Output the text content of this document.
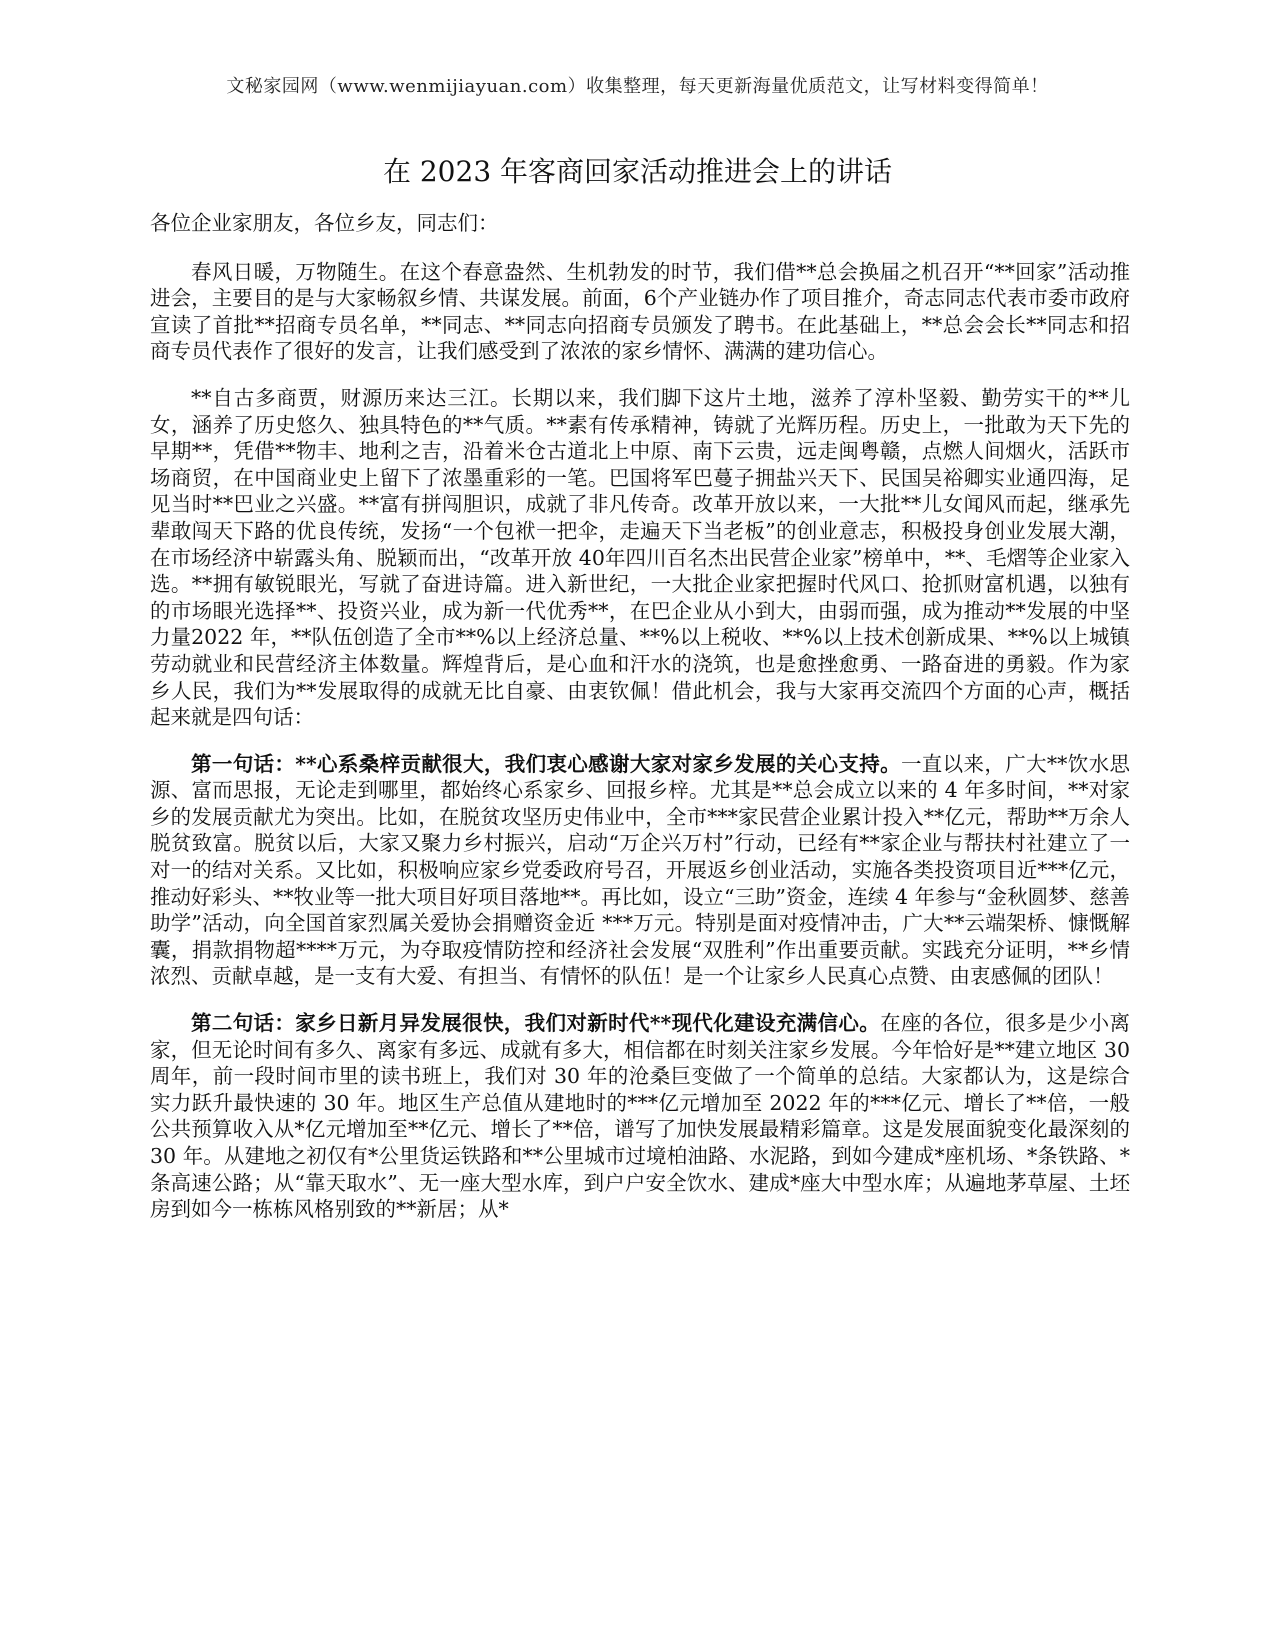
文秘家园网（www.wenmijiayuan.com）收集整理，每天更新海量优质范文，让写材料变得简单！
在 2023 年客商回家活动推进会上的讲话

各位企业家朋友，各位乡友，同志们：

春风日暖，万物随生。在这个春意盎然、生机勃发的时节，我们借**总会换届之机召开“**回家”活动推进会，主要目的是与大家畅叙乡情、共谋发展。前面，6个产业链办作了项目推介，奇志同志代表市委市政府宣读了首批**招商专员名单，**同志、**同志向招商专员颁发了聘书。在此基础上，**总会会长**同志和招商专员代表作了很好的发言，让我们感受到了浓浓的家乡情怀、满满的建功信心。

**自古多商贾，财源历来达三江。长期以来，我们脚下这片土地，滋养了淳朴坚毅、勤劳实干的**儿女，涵养了历史悠久、独具特色的**气质。**素有传承精神，铸就了光辉历程。历史上，一批敢为天下先的早期**，凭借**物丰、地利之吉，沿着米仓古道北上中原、南下云贵，远走闽粤赣，点燃人间烟火，活跃市场商贸，在中国商业史上留下了浓墨重彩的一笔。巴国将军巴蔓子拥盐兴天下、民国吴裕卿实业通四海，足见当时**巴业之兴盛。**富有拼闯胆识，成就了非凡传奇。改革开放以来，一大批**儿女闻风而起，继承先辈敢闯天下路的优良传统，发扬“一个包袱一把伞，走遍天下当老板”的创业意志，积极投身创业发展大潮，在市场经济中崭露头角、脱颖而出，“改革开放 40年四川百名杰出民营企业家”榜单中，**、毛熠等企业家入选。**拥有敏锐眼光，写就了奋进诗篇。进入新世纪，一大批企业家把握时代风口、抢抓财富机遇，以独有的市场眼光选择**、投资兴业，成为新一代优秀**，在巴企业从小到大，由弱而强，成为推动**发展的中坚力量2022 年，**队伍创造了全市**%以上经济总量、**%以上税收、**%以上技术创新成果、**%以上城镇劳动就业和民营经济主体数量。辉煌背后，是心血和汗水的浇筑，也是愈挫愈勇、一路奋进的勇毅。作为家乡人民，我们为**发展取得的成就无比自豪、由衷钦佩！借此机会，我与大家再交流四个方面的心声，概括起来就是四句话：

第一句话：**心系桑梓贡献很大，我们衷心感谢大家对家乡发展的关心支持。一直以来，广大**饮水思源、富而思报，无论走到哪里，都始终心系家乡、回报乡梓。尤其是**总会成立以来的 4 年多时间，**对家乡的发展贡献尤为突出。比如，在脱贫攻坚历史伟业中，全市***家民营企业累计投入**亿元，帮助**万余人脱贫致富。脱贫以后，大家又聚力乡村振兴，启动“万企兴万村”行动，已经有**家企业与帮扶村社建立了一对一的结对关系。又比如，积极响应家乡党委政府号召，开展返乡创业活动，实施各类投资项目近***亿元，推动好彩头、**牧业等一批大项目好项目落地**。再比如，设立“三助”资金，连续 4 年参与“金秋圆梦、慈善助学”活动，向全国首家烈属关爱协会捐赠资金近 ***万元。特别是面对疫情冲击，广大**云端架桥、慷慨解囊，捐款捐物超****万元，为夺取疫情防控和经济社会发展“双胜利”作出重要贡献。实践充分证明，**乡情浓烈、贡献卓越，是一支有大爱、有担当、有情怀的队伍！是一个让家乡人民真心点赞、由衷感佩的团队！

第二句话：家乡日新月异发展很快，我们对新时代**现代化建设充满信心。在座的各位，很多是少小离家，但无论时间有多久、离家有多远、成就有多大，相信都在时刻关注家乡发展。今年恰好是**建立地区 30 周年，前一段时间市里的读书班上，我们对 30 年的沧桑巨变做了一个简单的总结。大家都认为，这是综合实力跃升最快速的 30 年。地区生产总值从建地时的***亿元增加至 2022 年的***亿元、增长了**倍，一般公共预算收入从*亿元增加至**亿元、增长了**倍，谱写了加快发展最精彩篇章。这是发展面貌变化最深刻的 30 年。从建地之初仅有*公里货运铁路和**公里城市过境柏油路、水泥路，到如今建成*座机场、*条铁路、*条高速公路；从“靠天取水”、无一座大型水库，到户户安全饮水、建成*座大中型水库；从遍地茅草屋、土坯房到如今一栋栋风格别致的**新居；从*
